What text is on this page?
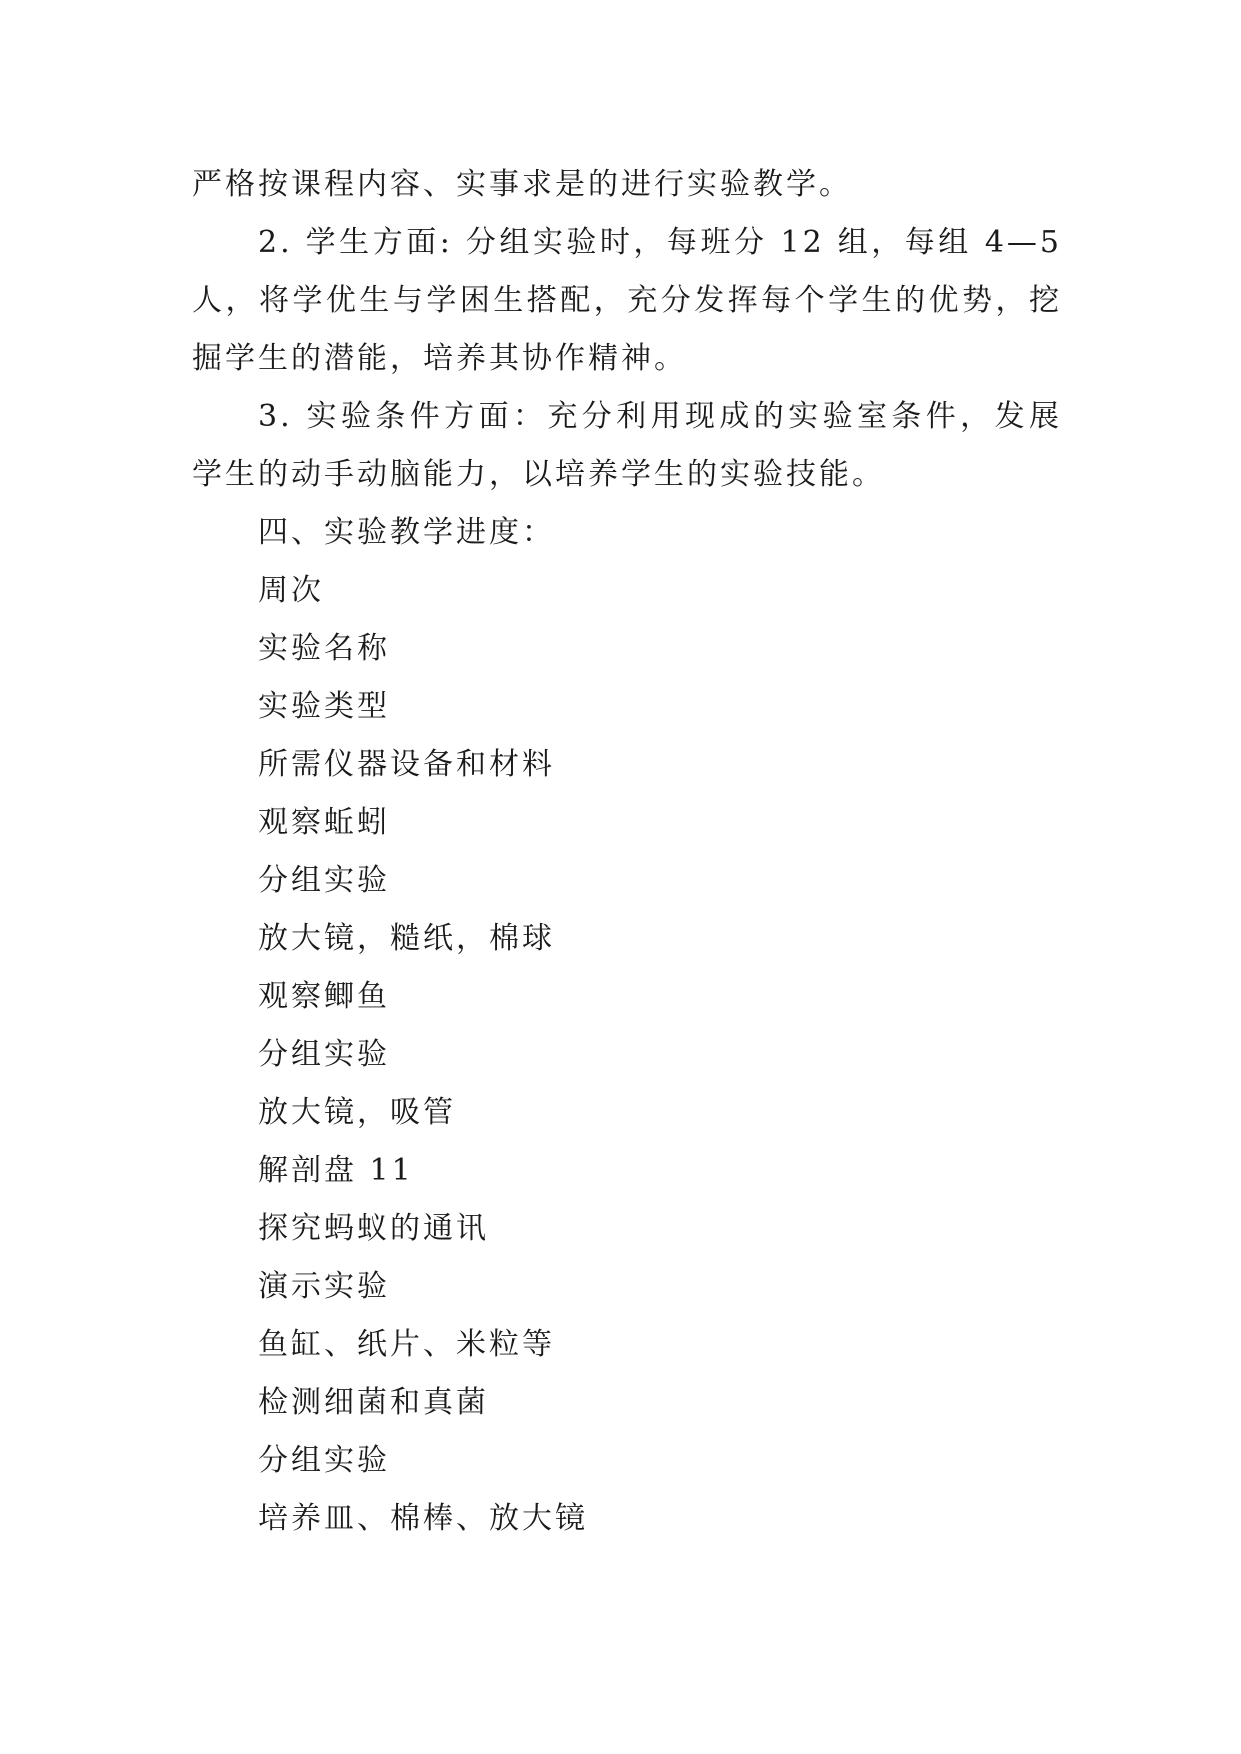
严格按课程内容、实事求是的进行实验教学。

2. 学生方面: 分组实验时，每班分 12 组，每组 4—5 人，将学优生与学困生搭配，充分发挥每个学生的优势，挖掘学生的潜能，培养其协作精神。

3. 实验条件方面：充分利用现成的实验室条件，发展学生的动手动脑能力，以培养学生的实验技能。

四、实验教学进度：
周次
实验名称
实验类型
所需仪器设备和材料
观察蚯蚓
分组实验
放大镜，糙纸，棉球
观察鲫鱼
分组实验
放大镜，吸管
解剖盘 11
探究蚂蚁的通讯
演示实验
鱼缸、纸片、米粒等
检测细菌和真菌
分组实验
培养皿、棉棒、放大镜
